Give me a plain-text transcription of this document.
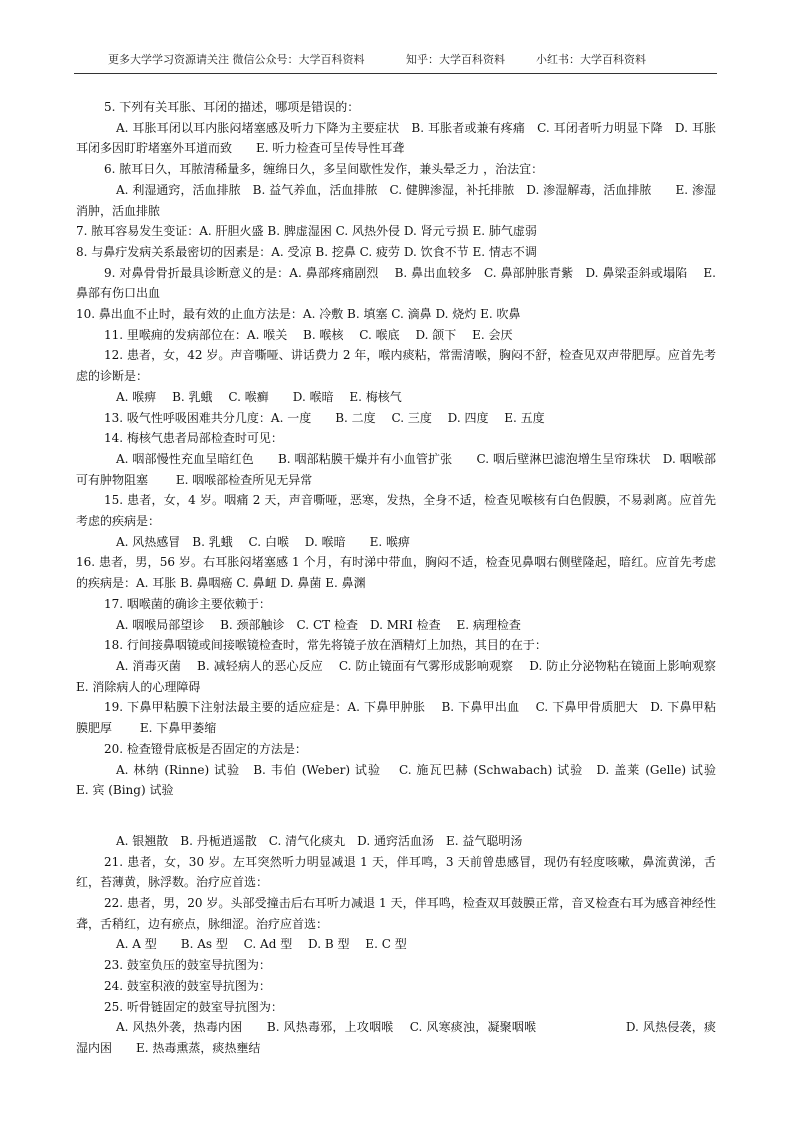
更多大学学习资源请关注 微信公众号：大学百科资料	知乎：大学百科资料	小红书：大学百科资料

5. 下列有关耳胀、耳闭的描述，哪项是错误的：

A. 耳胀耳闭以耳内胀闷堵塞感及听力下降为主要症状　B. 耳胀者或兼有疼痛　C. 耳闭者听力明显下降　D. 耳胀耳闭多因盯聍堵塞外耳道而致　　E. 听力检查可呈传导性耳聋

6. 脓耳日久，耳脓清稀量多，缠绵日久，多呈间歇性发作，兼头晕乏力 ，治法宜：

A. 利湿通窍，活血排脓　B. 益气养血，活血排脓　C. 健脾渗湿，补托排脓　D. 渗湿解毒，活血排脓　　E. 渗湿消肿，活血排脓

7. 脓耳容易发生变证：A. 肝胆火盛 B. 脾虚湿困 C. 风热外侵 D. 肾元亏损 E. 肺气虚弱

8. 与鼻疔发病关系最密切的因素是：A. 受凉 B. 挖鼻 C. 疲劳 D. 饮食不节 E. 情志不调

9. 对鼻骨骨折最具诊断意义的是：A. 鼻部疼痛剧烈　 B. 鼻出血较多　C. 鼻部肿胀青紫　D. 鼻梁歪斜或塌陷　 E. 鼻部有伤口出血

10. 鼻出血不止时，最有效的止血方法是：A. 冷敷 B. 填塞 C. 滴鼻 D. 烧灼 E. 吹鼻

11. 里喉痈的发病部位在：A. 喉关　 B. 喉核　 C. 喉底　 D. 颌下　 E. 会厌

12. 患者，女，42 岁。声音嘶哑、讲话费力 2 年，喉内痰粘，常需清喉，胸闷不舒，检查见双声带肥厚。应首先考虑的诊断是：

A. 喉痹　 B. 乳蛾　 C. 喉癣　　D. 喉暗　 E. 梅核气

13. 吸气性呼吸困难共分几度：A. 一度　　B. 二度　 C. 三度　 D. 四度　 E. 五度

14. 梅核气患者局部检查时可见：

A. 咽部慢性充血呈暗红色　　B. 咽部粘膜干燥并有小血管扩张　　C. 咽后壁淋巴滤泡增生呈帘珠状　D. 咽喉部可有肿物阻塞　　 E. 咽喉部检查所见无异常

15. 患者，女，4 岁。咽痛 2 天，声音嘶哑，恶寒，发热，全身不适，检查见喉核有白色假膜，不易剥离。应首先考虑的疾病是：

A. 风热感冒　B. 乳蛾　 C. 白喉　 D. 喉暗　　E. 喉痹

16. 患者，男，56 岁。右耳胀闷堵塞感 1 个月，有时涕中带血，胸闷不适，检查见鼻咽右侧壁隆起，暗红。应首先考虑的疾病是：A. 耳胀 B. 鼻咽癌 C. 鼻衄 D. 鼻菌 E. 鼻渊

17. 咽喉菌的确诊主要依赖于：

A. 咽喉局部望诊　 B. 颈部触诊　C. CT 检查　D. MRI 检查　 E. 病理检查

18. 行间接鼻咽镜或间接喉镜检查时，常先将镜子放在酒精灯上加热，其目的在于：

A. 消毒灭菌　 B. 减轻病人的恶心反应　 C. 防止镜面有气雾形成影响观察　 D. 防止分泌物粘在镜面上影响观察　 E. 消除病人的心理障碍

19. 下鼻甲粘膜下注射法最主要的适应症是：A. 下鼻甲肿胀　 B. 下鼻甲出血　 C. 下鼻甲骨质肥大　D. 下鼻甲粘膜肥厚　　 E. 下鼻甲萎缩

20. 检查镫骨底板是否固定的方法是：

A. 林纳 (Rinne) 试验　B. 韦伯 (Weber) 试验　 C. 施瓦巴赫 (Schwabach) 试验　D. 盖莱 (Gelle) 试验　　E. 宾 (Bing) 试验

A. 银翘散　B. 丹栀逍遥散　C. 清气化痰丸　D. 通窍活血汤　E. 益气聪明汤

21. 患者，女，30 岁。左耳突然听力明显减退 1 天，伴耳鸣，3 天前曾患感冒，现仍有轻度咳嗽，鼻流黄涕，舌红，苔薄黄，脉浮数。治疗应首选：

22. 患者，男，20 岁。头部受撞击后右耳听力减退 1 天，伴耳鸣，检查双耳鼓膜正常，音叉检查右耳为感音神经性聋，舌稍红，边有瘀点，脉细涩。治疗应首选：

A. A 型　　B. As 型　 C. Ad 型　 D. B 型　 E. C 型

23. 鼓室负压的鼓室导抗图为：

24. 鼓室积液的鼓室导抗图为：

25. 听骨链固定的鼓室导抗图为：

A. 风热外袭，热毒内困　　B. 风热毒邪，上攻咽喉　 C. 风寒痰浊，凝聚咽喉　　　　　　　 D. 风热侵袭，痰湿内困　　E. 热毒熏蒸，痰热壅结
